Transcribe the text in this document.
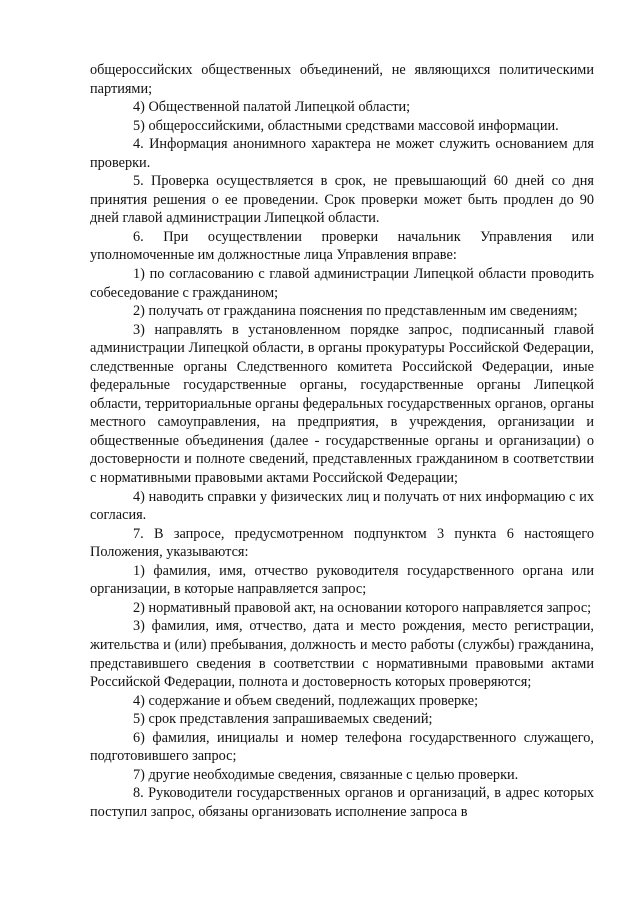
общероссийских общественных объединений, не являющихся политическими партиями;

4) Общественной палатой Липецкой области;

5) общероссийскими, областными средствами массовой информации.

4. Информация анонимного характера не может служить основанием для проверки.

5. Проверка осуществляется в срок, не превышающий 60 дней со дня принятия решения о ее проведении. Срок проверки может быть продлен до 90 дней главой администрации Липецкой области.

6. При осуществлении проверки начальник Управления или уполномоченные им должностные лица Управления вправе:

1) по согласованию с главой администрации Липецкой области проводить собеседование с гражданином;

2) получать от гражданина пояснения по представленным им сведениям;

3) направлять в установленном порядке запрос, подписанный главой администрации Липецкой области, в органы прокуратуры Российской Федерации, следственные органы Следственного комитета Российской Федерации, иные федеральные государственные органы, государственные органы Липецкой области, территориальные органы федеральных государственных органов, органы местного самоуправления, на предприятия, в учреждения, организации и общественные объединения (далее - государственные органы и организации) о достоверности и полноте сведений, представленных гражданином в соответствии с нормативными правовыми актами Российской Федерации;

4) наводить справки у физических лиц и получать от них информацию с их согласия.

7. В запросе, предусмотренном подпунктом 3 пункта 6 настоящего Положения, указываются:

1) фамилия, имя, отчество руководителя государственного органа или организации, в которые направляется запрос;

2) нормативный правовой акт, на основании которого направляется запрос;

3) фамилия, имя, отчество, дата и место рождения, место регистрации, жительства и (или) пребывания, должность и место работы (службы) гражданина, представившего сведения в соответствии с нормативными правовыми актами Российской Федерации, полнота и достоверность которых проверяются;

4) содержание и объем сведений, подлежащих проверке;

5) срок представления запрашиваемых сведений;

6) фамилия, инициалы и номер телефона государственного служащего, подготовившего запрос;

7) другие необходимые сведения, связанные с целью проверки.

8. Руководители государственных органов и организаций, в адрес которых поступил запрос, обязаны организовать исполнение запроса в
